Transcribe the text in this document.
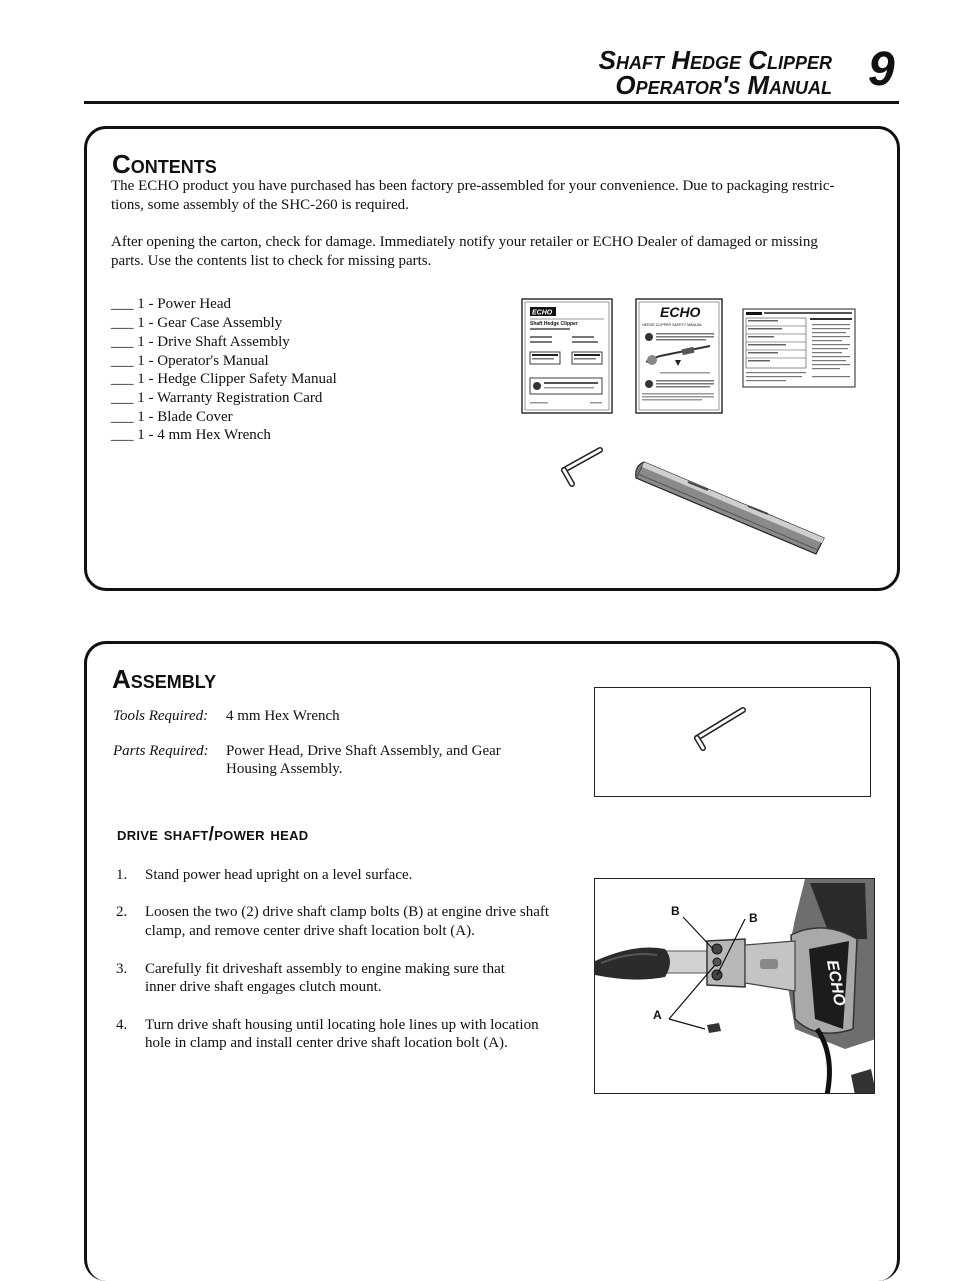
Shaft Hedge Clipper
Operator's Manual 9
Contents
The ECHO product you have purchased has been factory pre-assembled for your convenience. Due to packaging restric-
tions, some assembly of the SHC-260 is required.
After opening the carton, check for damage. Immediately notify your retailer or ECHO Dealer of damaged or missing
parts. Use the contents list to check for missing parts.
___ 1 - Power Head
___ 1 - Gear Case Assembly
___ 1 - Drive Shaft Assembly
___ 1 - Operator's Manual
___ 1 - Hedge Clipper Safety Manual
___ 1 - Warranty Registration Card
___ 1 - Blade Cover
___ 1 - 4 mm Hex Wrench
ECHO
Shaft Hedge Clipper
ECHO
HEDGE CLIPPER SAFETY MANUAL
Assembly
Tools Required: 4 mm Hex Wrench
Parts Required: Power Head, Drive Shaft Assembly, and Gear
Housing Assembly.
drive shaft/power head
1. Stand power head upright on a level surface.
2. Loosen the two (2) drive shaft clamp bolts (B) at engine drive shaft
clamp, and remove center drive shaft location bolt (A).
3. Carefully fit driveshaft assembly to engine making sure that
inner drive shaft engages clutch mount.
4. Turn drive shaft housing until locating hole lines up with location
hole in clamp and install center drive shaft location bolt (A).
ECHO
B	B
A
